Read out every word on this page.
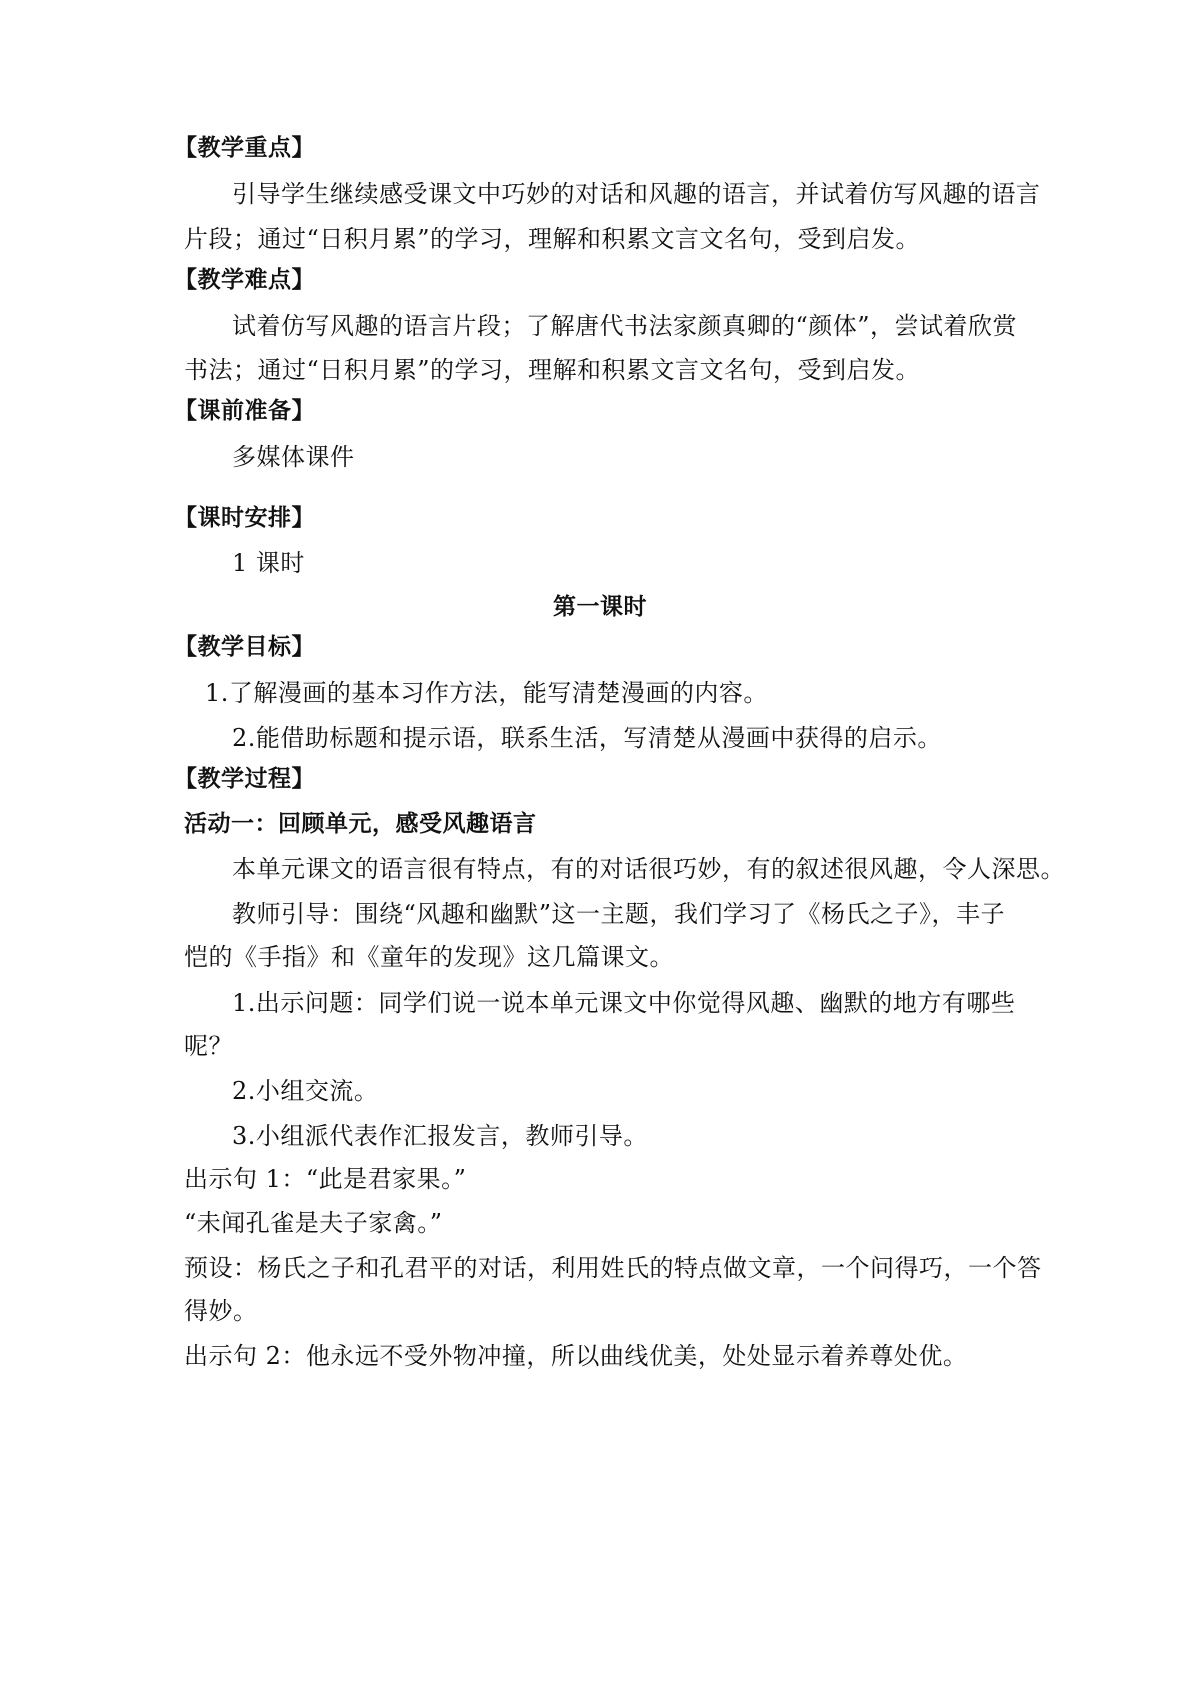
【教学重点】
引导学生继续感受课文中巧妙的对话和风趣的语言，并试着仿写风趣的语言
片段；通过“日积月累”的学习，理解和积累文言文名句，受到启发。
【教学难点】
试着仿写风趣的语言片段；了解唐代书法家颜真卿的“颜体”，尝试着欣赏
书法；通过“日积月累”的学习，理解和积累文言文名句，受到启发。
【课前准备】
多媒体课件
【课时安排】
1 课时
第一课时
【教学目标】
1.了解漫画的基本习作方法，能写清楚漫画的内容。
2.能借助标题和提示语，联系生活，写清楚从漫画中获得的启示。
【教学过程】
活动一：回顾单元，感受风趣语言
本单元课文的语言很有特点，有的对话很巧妙，有的叙述很风趣，令人深思。
教师引导：围绕“风趣和幽默”这一主题，我们学习了《杨氏之子》，丰子
恺的《手指》和《童年的发现》这几篇课文。
1.出示问题：同学们说一说本单元课文中你觉得风趣、幽默的地方有哪些
呢？
2.小组交流。
3.小组派代表作汇报发言，教师引导。
出示句 1：“此是君家果。”
“未闻孔雀是夫子家禽。”
预设：杨氏之子和孔君平的对话，利用姓氏的特点做文章，一个问得巧，一个答
得妙。
出示句 2：他永远不受外物冲撞，所以曲线优美，处处显示着养尊处优。
